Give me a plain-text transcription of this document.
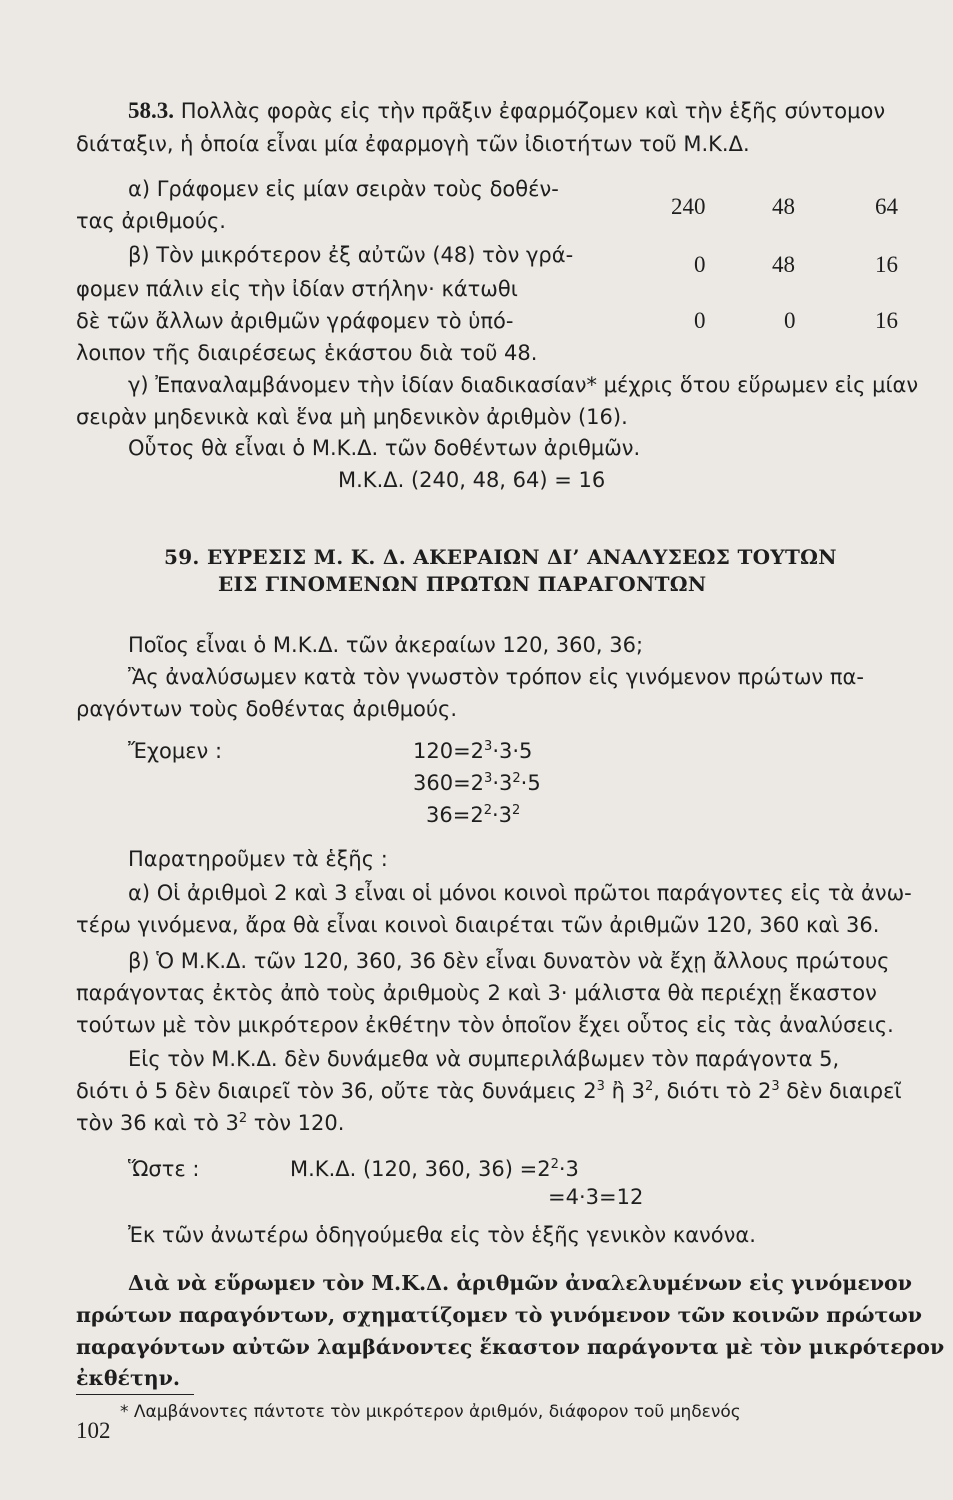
58.3. Πολλὰς φορὰς εἰς τὴν πρᾶξιν ἐφαρμόζομεν καὶ τὴν ἑξῆς σύντομον
διάταξιν, ἡ ὁποία εἶναι μία ἐφαρμογὴ τῶν ἰδιοτήτων τοῦ Μ.Κ.Δ.
α) Γράφομεν εἰς μίαν σειρὰν τοὺς δοθέν-
τας ἀριθμούς.
β) Τὸν μικρότερον ἐξ αὐτῶν (48) τὸν γρά-
φομεν πάλιν εἰς τὴν ἰδίαν στήλην· κάτωθι
δὲ τῶν ἄλλων ἀριθμῶν γράφομεν τὸ ὑπό-
λοιπον τῆς διαιρέσεως ἑκάστου διὰ τοῦ 48.
240	48	64
0	48	16
0	0	16
γ) Ἐπαναλαμβάνομεν τὴν ἰδίαν διαδικασίαν* μέχρις ὅτου εὕρωμεν εἰς μίαν
σειρὰν μηδενικὰ καὶ ἕνα μὴ μηδενικὸν ἀριθμὸν (16).
Οὗτος θὰ εἶναι ὁ Μ.Κ.Δ. τῶν δοθέντων ἀριθμῶν.
Μ.Κ.Δ. (240, 48, 64) = 16
59. ΕΥΡΕΣΙΣ Μ. Κ. Δ. ΑΚΕΡΑΙΩΝ ΔΙ’ ΑΝΑΛΥΣΕΩΣ ΤΟΥΤΩΝ
ΕΙΣ ΓΙΝΟΜΕΝΩΝ ΠΡΩΤΩΝ ΠΑΡΑΓΟΝΤΩΝ
Ποῖος εἶναι ὁ Μ.Κ.Δ. τῶν ἀκεραίων 120, 360, 36;
Ἂς ἀναλύσωμεν κατὰ τὸν γνωστὸν τρόπον εἰς γινόμενον πρώτων πα-
ραγόντων τοὺς δοθέντας ἀριθμούς.
Ἔχομεν :	$120=2^3\cdot 3\cdot 5$
$360=2^3\cdot 3^2\cdot 5$
$36=2^2\cdot 3^2$
Παρατηροῦμεν τὰ ἑξῆς :
α) Οἱ ἀριθμοὶ 2 καὶ 3 εἶναι οἱ μόνοι κοινοὶ πρῶτοι παράγοντες εἰς τὰ ἀνω-
τέρω γινόμενα, ἄρα θὰ εἶναι κοινοὶ διαιρέται τῶν ἀριθμῶν 120, 360 καὶ 36.
β) Ὁ Μ.Κ.Δ. τῶν 120, 360, 36 δὲν εἶναι δυνατὸν νὰ ἔχῃ ἄλλους πρώτους
παράγοντας ἐκτὸς ἀπὸ τοὺς ἀριθμοὺς 2 καὶ 3· μάλιστα θὰ περιέχῃ ἕκαστον
τούτων μὲ τὸν μικρότερον ἐκθέτην τὸν ὁποῖον ἔχει οὗτος εἰς τὰς ἀναλύσεις.
Εἰς τὸν Μ.Κ.Δ. δὲν δυνάμεθα νὰ συμπεριλάβωμεν τὸν παράγοντα 5,
διότι ὁ 5 δὲν διαιρεῖ τὸν 36, οὔτε τὰς δυνάμεις $2^3$ ἢ $3^2$, διότι τὸ $2^3$ δὲν διαιρεῖ
τὸν 36 καὶ τὸ $3^2$ τὸν 120.
Ὥστε :	Μ.Κ.Δ. (120, 360, $36) =2^2\cdot 3$
=4·3=12
Ἐκ τῶν ἀνωτέρω ὁδηγούμεθα εἰς τὸν ἑξῆς γενικὸν κανόνα.
Διὰ νὰ εὕρωμεν τὸν Μ.Κ.Δ. ἀριθμῶν ἀναλελυμένων εἰς γινόμενον
πρώτων παραγόντων, σχηματίζομεν τὸ γινόμενον τῶν κοινῶν πρώτων
παραγόντων αὐτῶν λαμβάνοντες ἕκαστον παράγοντα μὲ τὸν μικρότερον
ἐκθέτην.
* Λαμβάνοντες πάντοτε τὸν μικρότερον ἀριθμόν, διάφορον τοῦ μηδενός
102
